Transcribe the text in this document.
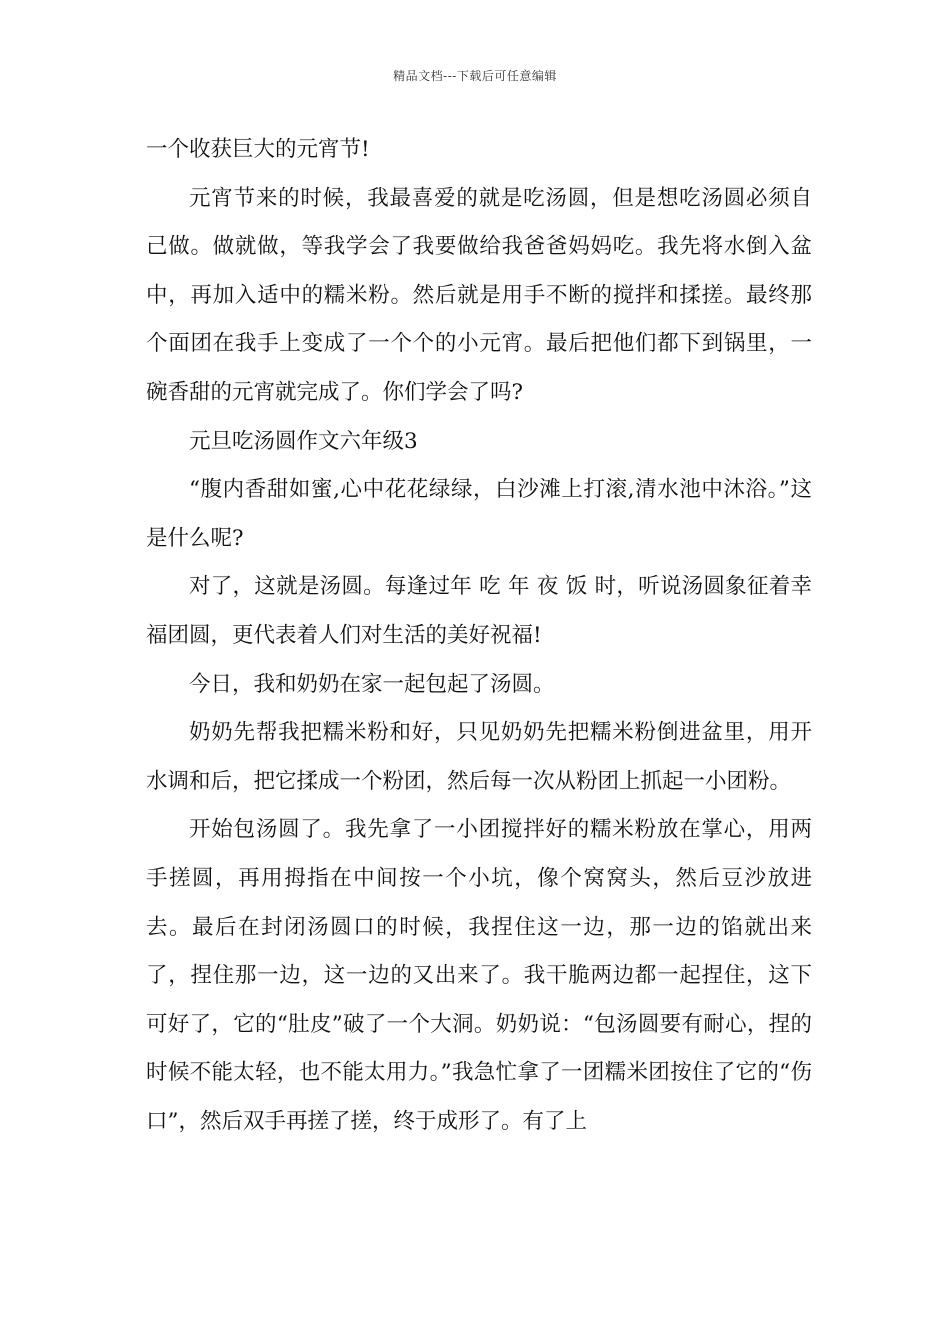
精品文档---下载后可任意编辑

一个收获巨大的元宵节!

元宵节来的时候，我最喜爱的就是吃汤圆，但是想吃汤圆必须自己做。做就做，等我学会了我要做给我爸爸妈妈吃。我先将水倒入盆中，再加入适中的糯米粉。然后就是用手不断的搅拌和揉搓。最终那个面团在我手上变成了一个个的小元宵。最后把他们都下到锅里，一碗香甜的元宵就完成了。你们学会了吗?

元旦吃汤圆作文六年级3

“腹内香甜如蜜,心中花花绿绿，白沙滩上打滚,清水池中沐浴。”这是什么呢?

对了，这就是汤圆。每逢过年 吃 年 夜 饭 时，听说汤圆象征着幸福团圆，更代表着人们对生活的美好祝福!

今日，我和奶奶在家一起包起了汤圆。

奶奶先帮我把糯米粉和好，只见奶奶先把糯米粉倒进盆里，用开水调和后，把它揉成一个粉团，然后每一次从粉团上抓起一小团粉。

开始包汤圆了。我先拿了一小团搅拌好的糯米粉放在掌心，用两手搓圆，再用拇指在中间按一个小坑，像个窝窝头，然后豆沙放进去。最后在封闭汤圆口的时候，我捏住这一边，那一边的馅就出来了，捏住那一边，这一边的又出来了。我干脆两边都一起捏住，这下可好了，它的“肚皮”破了一个大洞。奶奶说：“包汤圆要有耐心，捏的时候不能太轻，也不能太用力。”我急忙拿了一团糯米团按住了它的“伤口”，然后双手再搓了搓，终于成形了。有了上
